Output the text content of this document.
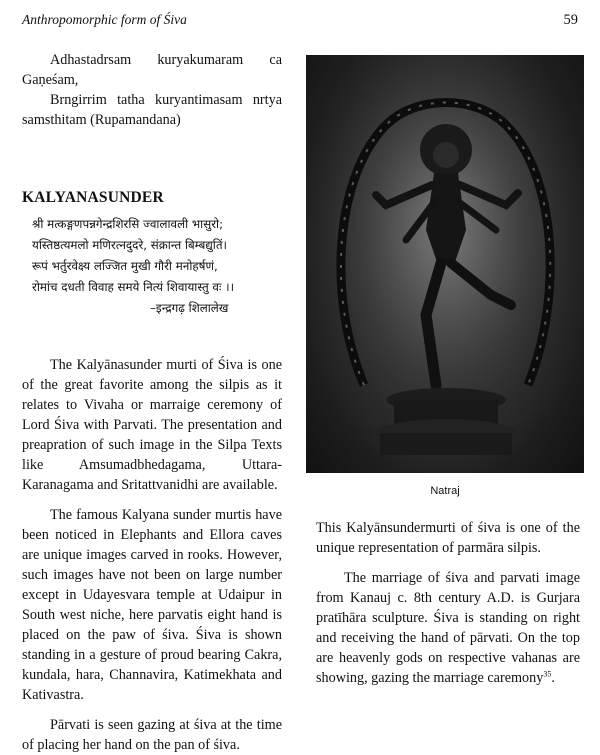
Anthropomorphic form of Śiva	59

Adhastadrsam kuryakumaram ca Gaṇeśam,

Brngirrim tatha kuryantimasam nrtya samsthitam (Rupamandana)

KALYANASUNDER
श्री मत्कङ्गणपन्नगेन्द्रशिरसि ज्वालावली भासुरो;
यस्तिष्ठत्यमलो मणिरत्नदुदरे, संक्रान्त बिम्बद्युतिं।
रूपं भर्तुरवेक्ष्य लज्जित मुखी गौरी मनोहर्षणं,
रोमांच दधती विवाह समये नित्यं शिवायास्तु वः ।।
–इन्द्रगढ़ शिलालेख

The Kalyānasunder murti of Śiva is one of the great favorite among the silpis as it relates to Vivaha or marraige ceremony of Lord Śiva with Parvati. The presentation and preapration of such image in the Silpa Texts like Amsumadbhedagama, Uttara- Karanagama and Sritattvanidhi are available.

The famous Kalyana sunder murtis have been noticed in Elephants and Ellora caves are unique images carved in rooks. However, such images have not been on large number except in Udayesvara temple at Udaipur in South west niche, here parvatis eight hand is placed on the paw of śiva. Śiva is shown standing in a gesture of proud bearing Cakra, kundala, hara, Channavira, Katimekhata and Kativastra.

Pārvati is seen gazing at śiva at the time of placing her hand on the pan of śiva.

Natraj

This Kalyānsundermurti of śiva is one of the unique representation of parmāra silpis.

The marriage of śiva and parvati image from Kanauj c. 8th century A.D. is Gurjara pratīhāra sculpture. Śiva is standing on right and receiving the hand of pārvati. On the top are heavenly gods on respective vahanas are showing, gazing the marriage caremony$^{35}$.
